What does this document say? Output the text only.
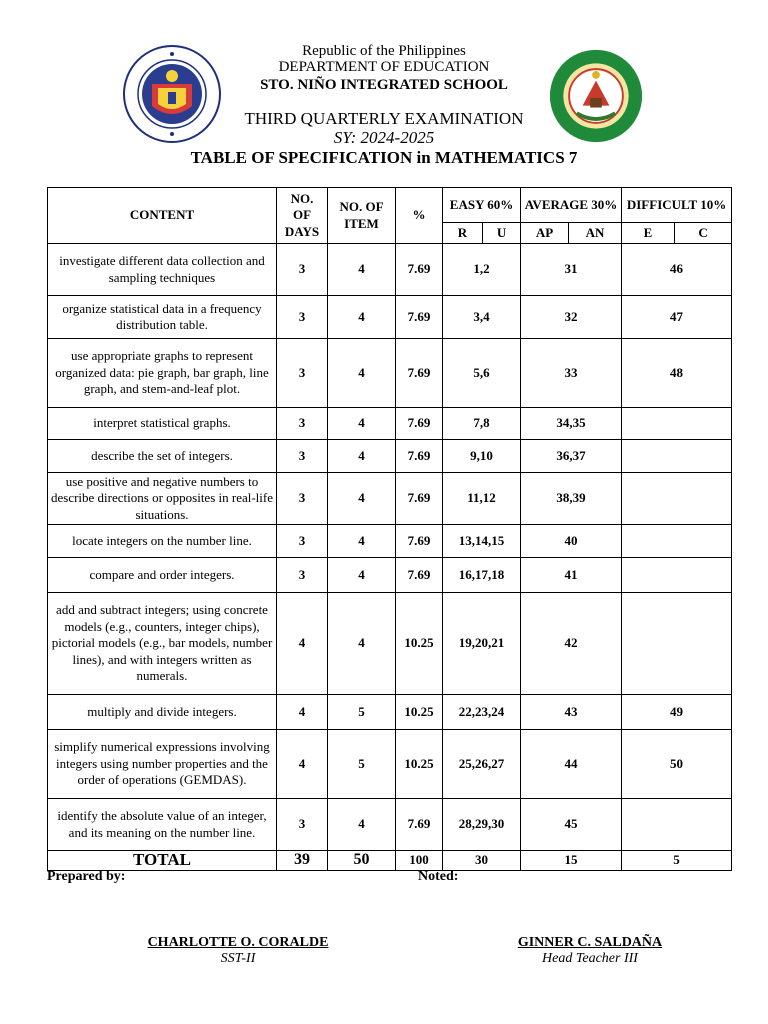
Republic of the Philippines
DEPARTMENT OF EDUCATION
STO. NIÑO INTEGRATED SCHOOL
THIRD QUARTERLY EXAMINATION
SY: 2024-2025
TABLE OF SPECIFICATION in MATHEMATICS 7
CONTENT	NO. OF DAYS	NO. OF ITEM	%	EASY 60%		AVERAGE 30%		DIFFICULT 10%	
				R	U	AP	AN	E	C
investigate different data collection and sampling techniques	3	4	7.69	1,2		31		46	
organize statistical data in a frequency distribution table.	3	4	7.69	3,4		32		47	
use appropriate graphs to represent organized data: pie graph, bar graph, line graph, and stem-and-leaf plot.	3	4	7.69	5,6		33		48	
interpret statistical graphs.	3	4	7.69	7,8		34,35			
describe the set of integers.	3	4	7.69	9,10		36,37			
use positive and negative numbers to describe directions or opposites in real-life situations.	3	4	7.69	11,12		38,39			
locate integers on the number line.	3	4	7.69	13,14,15		40			
compare and order integers.	3	4	7.69	16,17,18		41			
add and subtract integers; using concrete models (e.g., counters, integer chips), pictorial models (e.g., bar models, number lines), and with integers written as numerals.	4	4	10.25	19,20,21		42			
multiply and divide integers.	4	5	10.25	22,23,24		43		49	
simplify numerical expressions involving integers using number properties and the order of operations (GEMDAS).	4	5	10.25	25,26,27		44		50	
identify the absolute value of an integer, and its meaning on the number line.	3	4	7.69	28,29,30		45			
TOTAL	39	50	100	30		15		5	
Prepared by:	Noted:
CHARLOTTE O. CORALDE
SST-II
GINNER C. SALDAÑA
Head Teacher III
